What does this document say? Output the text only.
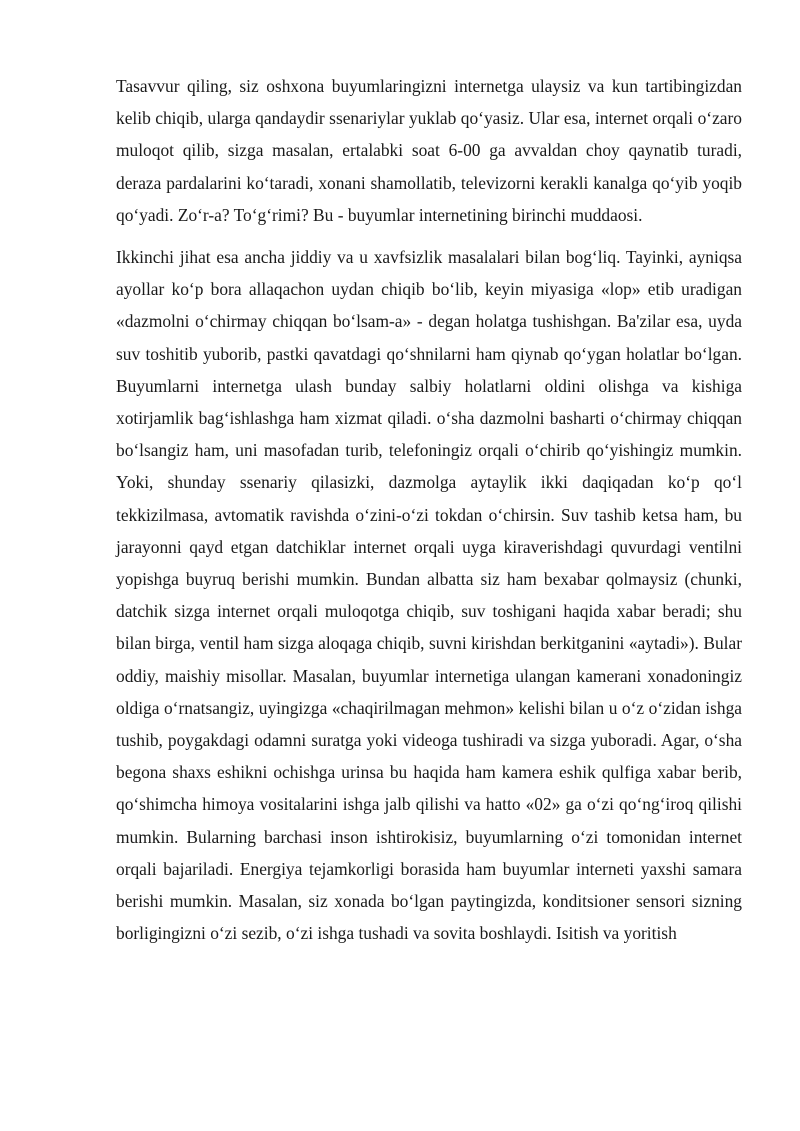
Tasavvur qiling, siz oshxona buyumlaringizni internetga ulaysiz va kun tartibingizdan kelib chiqib, ularga qandaydir ssenariylar yuklab qo‘yasiz. Ular esa, internet orqali o‘zaro muloqot qilib, sizga masalan, ertalabki soat 6-00 ga avvaldan choy qaynatib turadi, deraza pardalarini ko‘taradi, xonani shamollatib, televizorni kerakli kanalga qo‘yib yoqib qo‘yadi. Zo‘r-a? To‘g‘rimi? Bu - buyumlar internetining birinchi muddaosi.

Ikkinchi jihat esa ancha jiddiy va u xavfsizlik masalalari bilan bog‘liq. Tayinki, ayniqsa ayollar ko‘p bora allaqachon uydan chiqib bo‘lib, keyin miyasiga «lop» etib uradigan «dazmolni o‘chirmay chiqqan bo‘lsam-a» - degan holatga tushishgan. Ba'zilar esa, uyda suv toshitib yuborib, pastki qavatdagi qo‘shnilarni ham qiynab qo‘ygan holatlar bo‘lgan. Buyumlarni internetga ulash bunday salbiy holatlarni oldini olishga va kishiga xotirjamlik bag‘ishlashga ham xizmat qiladi. o‘sha dazmolni basharti o‘chirmay chiqqan bo‘lsangiz ham, uni masofadan turib, telefoningiz orqali o‘chirib qo‘yishingiz mumkin. Yoki, shunday ssenariy qilasizki, dazmolga aytaylik ikki daqiqadan ko‘p qo‘l tekkizilmasa, avtomatik ravishda o‘zini-o‘zi tokdan o‘chirsin. Suv tashib ketsa ham, bu jarayonni qayd etgan datchiklar internet orqali uyga kiraverishdagi quvurdagi ventilni yopishga buyruq berishi mumkin. Bundan albatta siz ham bexabar qolmaysiz (chunki, datchik sizga internet orqali muloqotga chiqib, suv toshigani haqida xabar beradi; shu bilan birga, ventil ham sizga aloqaga chiqib, suvni kirishdan berkitganini «aytadi»). Bular oddiy, maishiy misollar. Masalan, buyumlar internetiga ulangan kamerani xonadoningiz oldiga o‘rnatsangiz, uyingizga «chaqirilmagan mehmon» kelishi bilan u o‘z o‘zidan ishga tushib, poygakdagi odamni suratga yoki videoga tushiradi va sizga yuboradi. Agar, o‘sha begona shaxs eshikni ochishga urinsa bu haqida ham kamera eshik qulfiga xabar berib, qo‘shimcha himoya vositalarini ishga jalb qilishi va hatto «02» ga o‘zi qo‘ng‘iroq qilishi mumkin. Bularning barchasi inson ishtirokisiz, buyumlarning o‘zi tomonidan internet orqali bajariladi. Energiya tejamkorligi borasida ham buyumlar interneti yaxshi samara berishi mumkin. Masalan, siz xonada bo‘lgan paytingizda, konditsioner sensori sizning borligingizni o‘zi sezib, o‘zi ishga tushadi va sovita boshlaydi. Isitish va yoritish
